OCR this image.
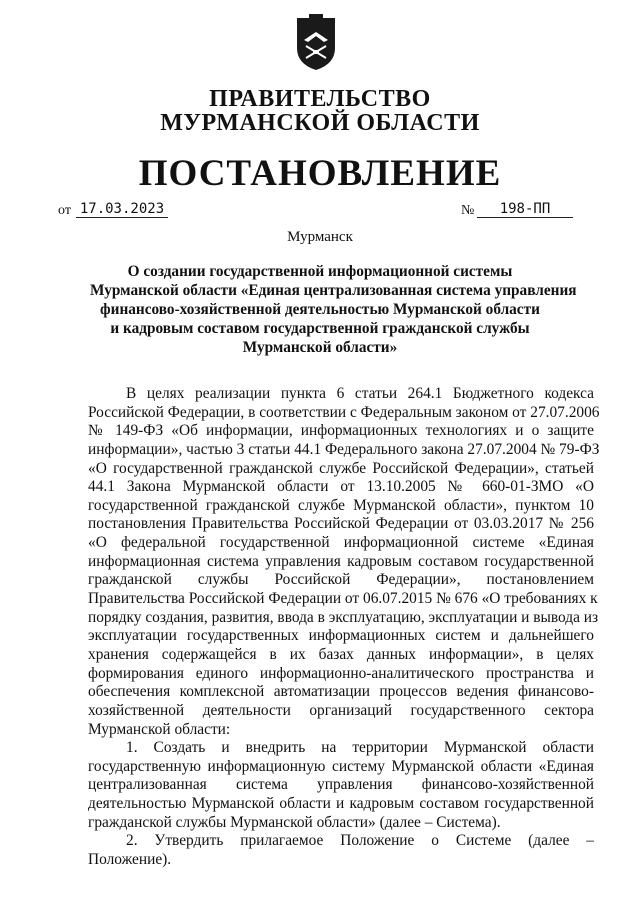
ПРАВИТЕЛЬСТВО
МУРМАНСКОЙ ОБЛАСТИ
ПОСТАНОВЛЕНИЕ
от 17.03.2023	№	198-ПП
Мурманск
О создании государственной информационной системы
Мурманской области «Единая централизованная система управления
финансово-хозяйственной деятельностью Мурманской области
и кадровым составом государственной гражданской службы
Мурманской области»
В целях реализации пункта 6 статьи 264.1 Бюджетного кодекса
Российской Федерации, в соответствии с Федеральным законом от 27.07.2006
№ 149-ФЗ «Об информации, информационных технологиях и о защите
информации», частью 3 статьи 44.1 Федерального закона 27.07.2004 № 79-ФЗ
«О государственной гражданской службе Российской Федерации», статьей
44.1 Закона Мурманской области от 13.10.2005 № 660-01-ЗМО «О
государственной гражданской службе Мурманской области», пунктом 10
постановления Правительства Российской Федерации от 03.03.2017 № 256
«О федеральной государственной информационной системе «Единая
информационная система управления кадровым составом государственной
гражданской службы Российской Федерации», постановлением
Правительства Российской Федерации от 06.07.2015 № 676 «О требованиях к
порядку создания, развития, ввода в эксплуатацию, эксплуатации и вывода из
эксплуатации государственных информационных систем и дальнейшего
хранения содержащейся в их базах данных информации», в целях
формирования единого информационно-аналитического пространства и
обеспечения комплексной автоматизации процессов ведения финансово-
хозяйственной деятельности организаций государственного сектора
Мурманской области:
1. Создать и внедрить на территории Мурманской области
государственную информационную систему Мурманской области «Единая
централизованная система управления финансово-хозяйственной
деятельностью Мурманской области и кадровым составом государственной
гражданской службы Мурманской области» (далее – Система).
2. Утвердить прилагаемое Положение о Системе (далее –
Положение).
